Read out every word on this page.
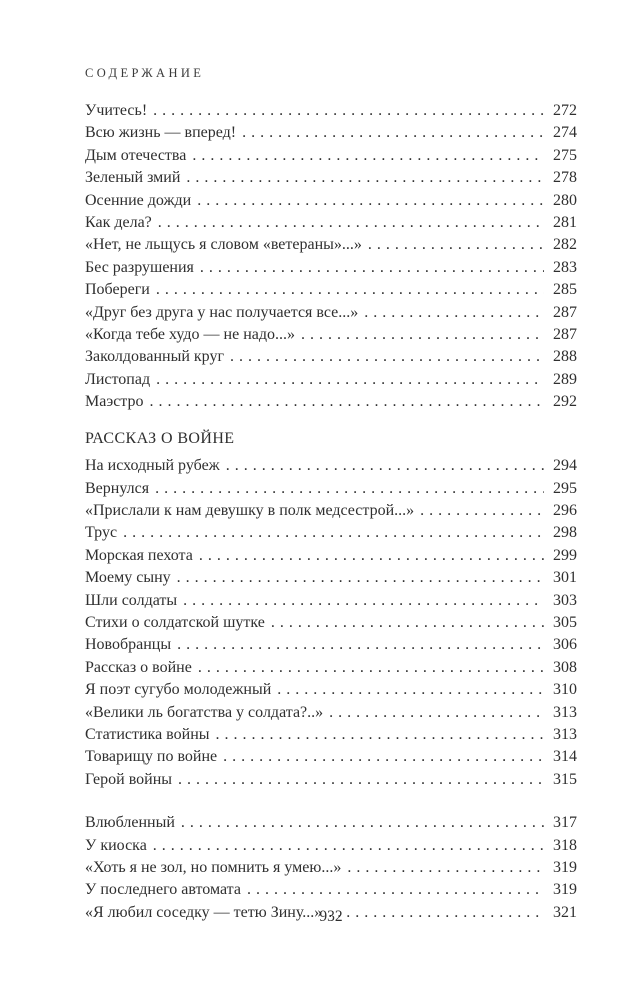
СОДЕРЖАНИЕ
Учитесь! . . .	272
Всю жизнь — вперед! . . .	274
Дым отечества . . .	275
Зеленый змий . . .	278
Осенние дожди . . .	280
Как дела? . . .	281
«Нет, не льщусь я словом «ветераны»...» . . .	282
Бес разрушения . . .	283
Побереги . . .	285
«Друг без друга у нас получается все...» . . .	287
«Когда тебе худо — не надо...» . . .	287
Заколдованный круг . . .	288
Листопад . . .	289
Маэстро . . .	292
РАССКАЗ О ВОЙНЕ
На исходный рубеж . . .	294
Вернулся . . .	295
«Прислали к нам девушку в полк медсестрой...» . . .	296
Трус . . .	298
Морская пехота . . .	299
Моему сыну . . .	301
Шли солдаты . . .	303
Стихи о солдатской шутке . . .	305
Новобранцы . . .	306
Рассказ о войне . . .	308
Я поэт сугубо молодежный . . .	310
«Велики ль богатства у солдата?..» . . .	313
Статистика войны . . .	313
Товарищу по войне . . .	314
Герой войны . . .	315
Влюбленный . . .	317
У киоска . . .	318
«Хоть я не зол, но помнить я умею...» . . .	319
У последнего автомата . . .	319
«Я любил соседку — тетю Зину...» . . .	321
932
